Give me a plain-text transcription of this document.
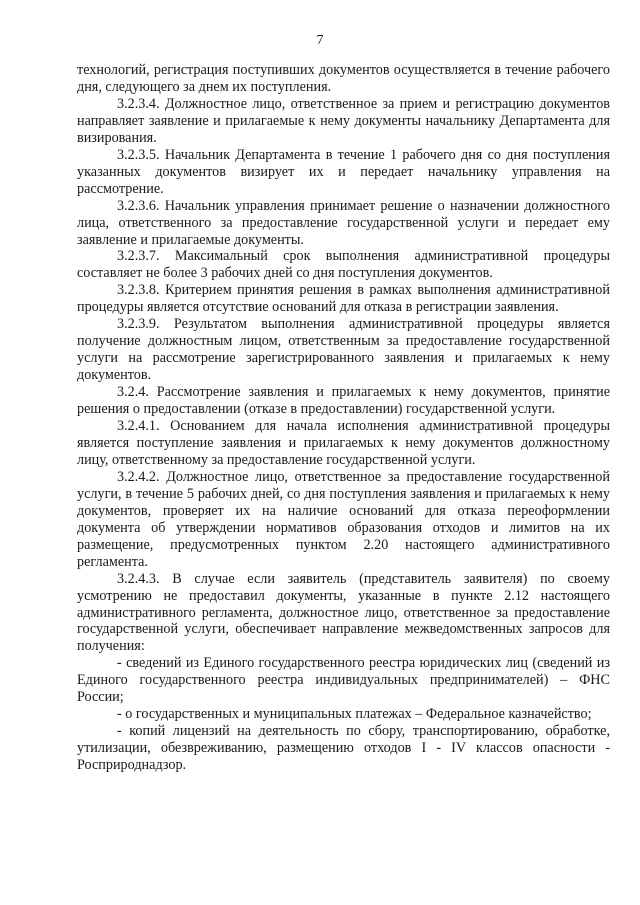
7

технологий, регистрация поступивших документов осуществляется в течение рабочего дня, следующего за днем их поступления.

3.2.3.4. Должностное лицо, ответственное за прием и регистрацию документов направляет заявление и прилагаемые к нему документы начальнику Департамента для визирования.

3.2.3.5. Начальник Департамента в течение 1 рабочего дня со дня поступления указанных документов визирует их и передает начальнику управления на рассмотрение.

3.2.3.6. Начальник управления принимает решение о назначении должностного лица, ответственного за предоставление государственной услуги и передает ему заявление и прилагаемые документы.

3.2.3.7. Максимальный срок выполнения административной процедуры составляет не более 3 рабочих дней со дня поступления документов.

3.2.3.8. Критерием принятия решения в рамках выполнения административной процедуры является отсутствие оснований для отказа в регистрации заявления.

3.2.3.9. Результатом выполнения административной процедуры является получение должностным лицом, ответственным за предоставление государственной услуги на рассмотрение зарегистрированного заявления и прилагаемых к нему документов.

3.2.4. Рассмотрение заявления и прилагаемых к нему документов, принятие решения о предоставлении (отказе в предоставлении) государственной услуги.

3.2.4.1. Основанием для начала исполнения административной процедуры является поступление заявления и прилагаемых к нему документов должностному лицу, ответственному за предоставление государственной услуги.

3.2.4.2. Должностное лицо, ответственное за предоставление государственной услуги, в течение 5 рабочих дней, со дня поступления заявления и прилагаемых к нему документов, проверяет их на наличие оснований для отказа переоформлении документа об утверждении нормативов образования отходов и лимитов на их размещение, предусмотренных пунктом 2.20 настоящего административного регламента.

3.2.4.3. В случае если заявитель (представитель заявителя) по своему усмотрению не предоставил документы, указанные в пункте 2.12 настоящего административного регламента, должностное лицо, ответственное за предоставление государственной услуги, обеспечивает направление межведомственных запросов для получения:

- сведений из Единого государственного реестра юридических лиц (сведений из Единого государственного реестра индивидуальных предпринимателей) – ФНС России;

- о государственных и муниципальных платежах – Федеральное казначейство;

- копий лицензий на деятельность по сбору, транспортированию, обработке, утилизации, обезвреживанию, размещению отходов I - IV классов опасности - Росприроднадзор.
